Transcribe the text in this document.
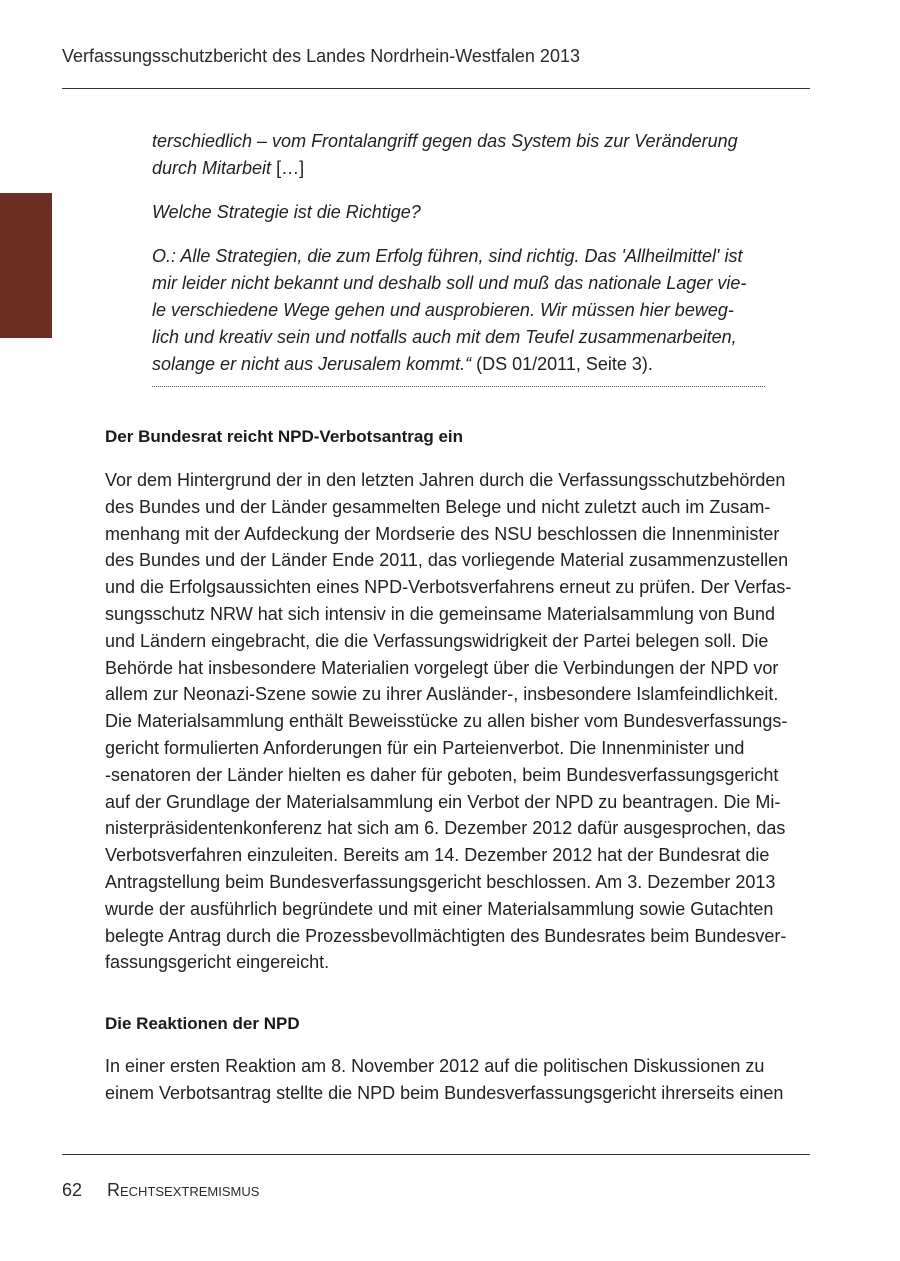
Verfassungsschutzbericht des Landes Nordrhein-Westfalen 2013

terschiedlich – vom Frontalangriff gegen das System bis zur Veränderung
durch Mitarbeit […]

Welche Strategie ist die Richtige?

O.: Alle Strategien, die zum Erfolg führen, sind richtig. Das 'Allheilmittel' ist
mir leider nicht bekannt und deshalb soll und muß das nationale Lager vie-
le verschiedene Wege gehen und ausprobieren. Wir müssen hier beweg-
lich und kreativ sein und notfalls auch mit dem Teufel zusammenarbeiten,
solange er nicht aus Jerusalem kommt.“ (DS 01/2011, Seite 3).

Der Bundesrat reicht NPD-Verbotsantrag ein
Vor dem Hintergrund der in den letzten Jahren durch die Verfassungsschutzbehörden
des Bundes und der Länder gesammelten Belege und nicht zuletzt auch im Zusam-
menhang mit der Aufdeckung der Mordserie des NSU beschlossen die Innenminister
des Bundes und der Länder Ende 2011, das vorliegende Material zusammenzustellen
und die Erfolgsaussichten eines NPD-Verbotsverfahrens erneut zu prüfen. Der Verfas-
sungsschutz NRW hat sich intensiv in die gemeinsame Materialsammlung von Bund
und Ländern eingebracht, die die Verfassungswidrigkeit der Partei belegen soll. Die
Behörde hat insbesondere Materialien vorgelegt über die Verbindungen der NPD vor
allem zur Neonazi-Szene sowie zu ihrer Ausländer-, insbesondere Islamfeindlichkeit.
Die Materialsammlung enthält Beweisstücke zu allen bisher vom Bundesverfassungs-
gericht formulierten Anforderungen für ein Parteienverbot. Die Innenminister und
-senatoren der Länder hielten es daher für geboten, beim Bundesverfassungsgericht
auf der Grundlage der Materialsammlung ein Verbot der NPD zu beantragen. Die Mi-
nisterpräsidentenkonferenz hat sich am 6. Dezember 2012 dafür ausgesprochen, das
Verbotsverfahren einzuleiten. Bereits am 14. Dezember 2012 hat der Bundesrat die
Antragstellung beim Bundesverfassungsgericht beschlossen. Am 3. Dezember 2013
wurde der ausführlich begründete und mit einer Materialsammlung sowie Gutachten
belegte Antrag durch die Prozessbevollmächtigten des Bundesrates beim Bundesver-
fassungsgericht eingereicht.
Die Reaktionen der NPD
In einer ersten Reaktion am 8. November 2012 auf die politischen Diskussionen zu
einem Verbotsantrag stellte die NPD beim Bundesverfassungsgericht ihrerseits einen
62 Rechtsextremismus
